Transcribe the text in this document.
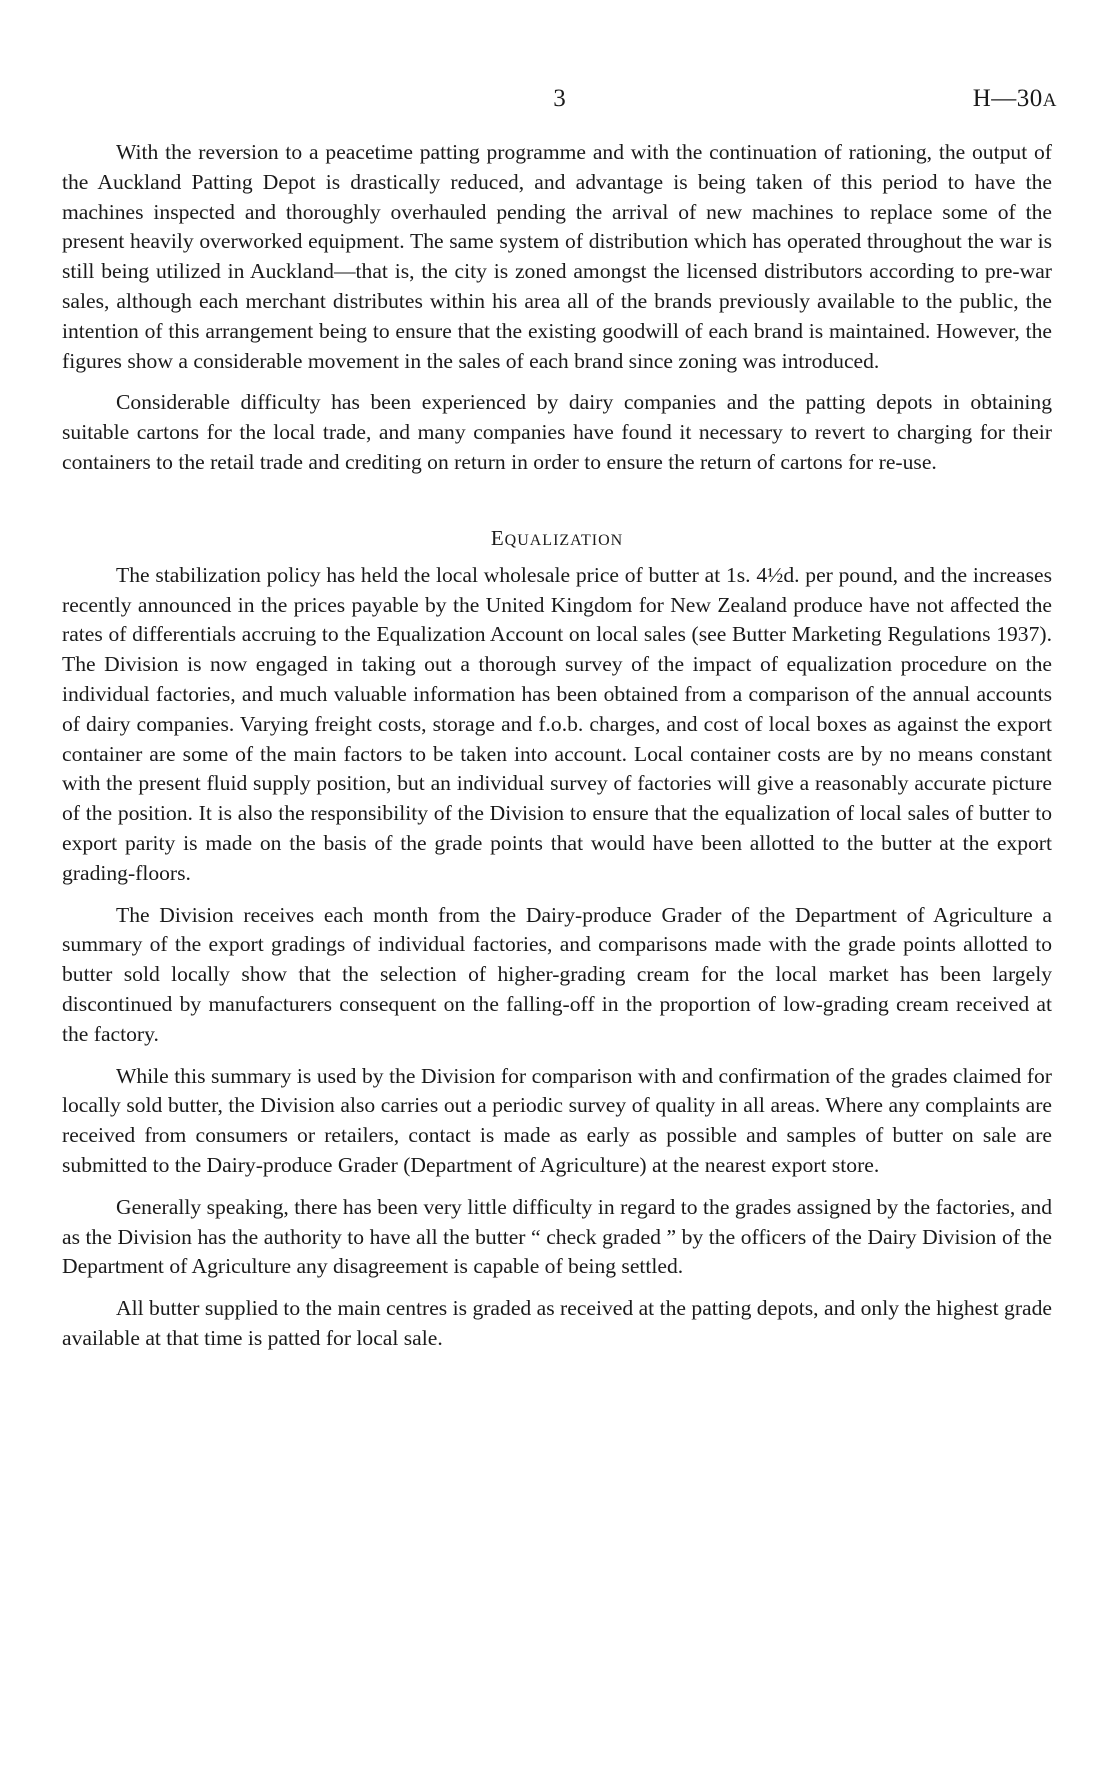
3	H—30A

With the reversion to a peacetime patting programme and with the continuation of rationing, the output of the Auckland Patting Depot is drastically reduced, and advantage is being taken of this period to have the machines inspected and thoroughly overhauled pending the arrival of new machines to replace some of the present heavily overworked equipment. The same system of distribution which has operated throughout the war is still being utilized in Auckland—that is, the city is zoned amongst the licensed distributors according to pre-war sales, although each merchant distributes within his area all of the brands previously available to the public, the intention of this arrangement being to ensure that the existing goodwill of each brand is maintained. However, the figures show a considerable movement in the sales of each brand since zoning was introduced.

Considerable difficulty has been experienced by dairy companies and the patting depots in obtaining suitable cartons for the local trade, and many companies have found it necessary to revert to charging for their containers to the retail trade and crediting on return in order to ensure the return of cartons for re-use.

EQUALIZATION

The stabilization policy has held the local wholesale price of butter at 1s. 4½d. per pound, and the increases recently announced in the prices payable by the United Kingdom for New Zealand produce have not affected the rates of differentials accruing to the Equalization Account on local sales (see Butter Marketing Regulations 1937). The Division is now engaged in taking out a thorough survey of the impact of equalization procedure on the individual factories, and much valuable information has been obtained from a comparison of the annual accounts of dairy companies. Varying freight costs, storage and f.o.b. charges, and cost of local boxes as against the export container are some of the main factors to be taken into account. Local container costs are by no means constant with the present fluid supply position, but an individual survey of factories will give a reasonably accurate picture of the position. It is also the responsibility of the Division to ensure that the equalization of local sales of butter to export parity is made on the basis of the grade points that would have been allotted to the butter at the export grading-floors.

The Division receives each month from the Dairy-produce Grader of the Department of Agriculture a summary of the export gradings of individual factories, and comparisons made with the grade points allotted to butter sold locally show that the selection of higher-grading cream for the local market has been largely discontinued by manufacturers consequent on the falling-off in the proportion of low-grading cream received at the factory.

While this summary is used by the Division for comparison with and confirmation of the grades claimed for locally sold butter, the Division also carries out a periodic survey of quality in all areas. Where any complaints are received from consumers or retailers, contact is made as early as possible and samples of butter on sale are submitted to the Dairy-produce Grader (Department of Agriculture) at the nearest export store.

Generally speaking, there has been very little difficulty in regard to the grades assigned by the factories, and as the Division has the authority to have all the butter “ check graded ” by the officers of the Dairy Division of the Department of Agriculture any disagreement is capable of being settled.

All butter supplied to the main centres is graded as received at the patting depots, and only the highest grade available at that time is patted for local sale.
